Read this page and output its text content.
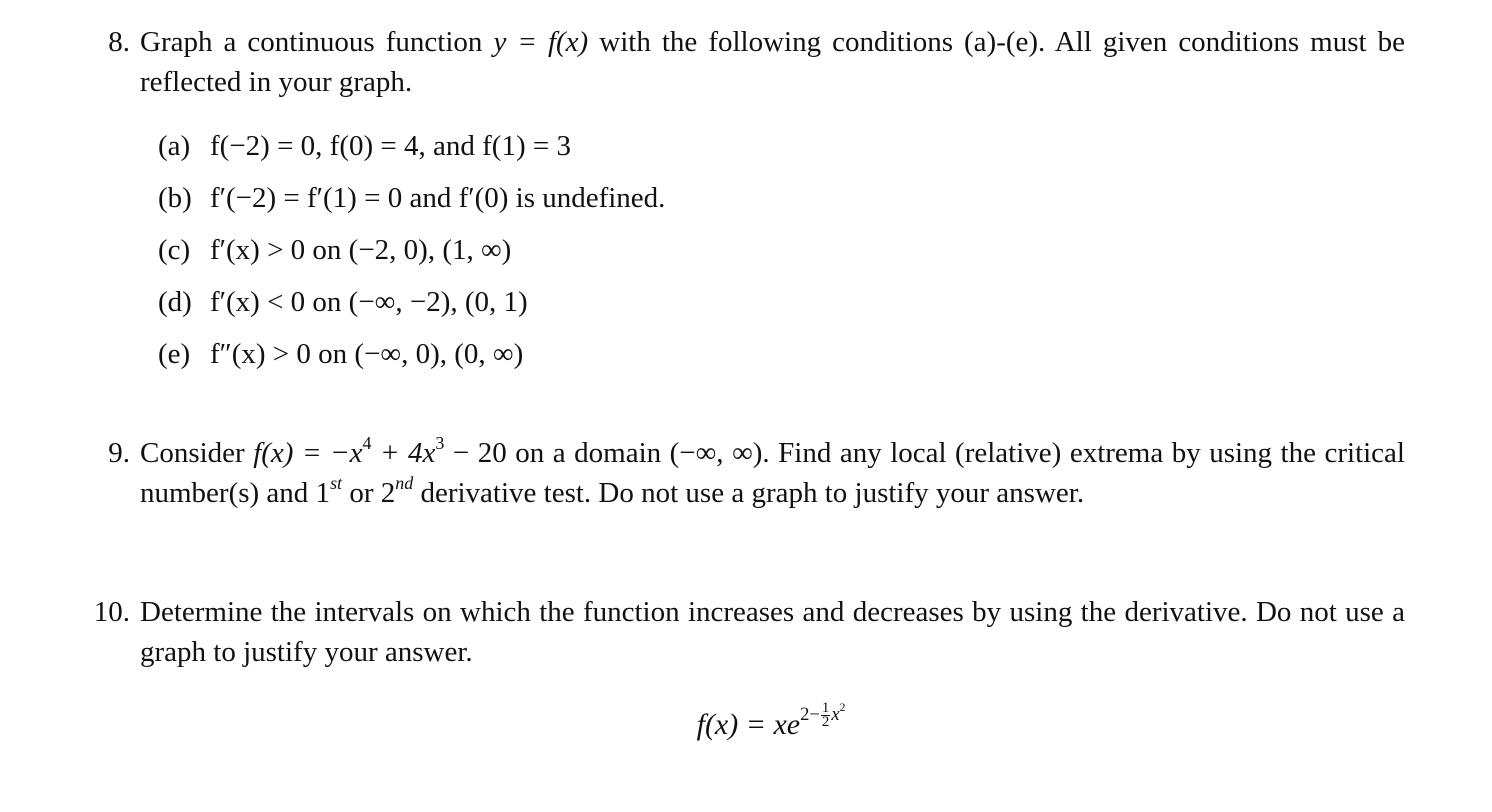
8. Graph a continuous function y = f(x) with the following conditions (a)-(e). All given conditions must be reflected in your graph.
(a) f(−2) = 0, f(0) = 4, and f(1) = 3
(b) f′(−2) = f′(1) = 0 and f′(0) is undefined.
(c) f′(x) > 0 on (−2, 0), (1, ∞)
(d) f′(x) < 0 on (−∞, −2), (0, 1)
(e) f″(x) > 0 on (−∞, 0), (0, ∞)
9. Consider $f(x) = -x^4 + 4x^3 - 20$ on a domain (−∞, ∞). Find any local (relative) extrema by using the critical number(s) and 1st or 2nd derivative test. Do not use a graph to justify your answer.
10. Determine the intervals on which the function increases and decreases by using the derivative. Do not use a graph to justify your answer.
$f(x) = xe^{2- \frac{1}{2} x^2}$
